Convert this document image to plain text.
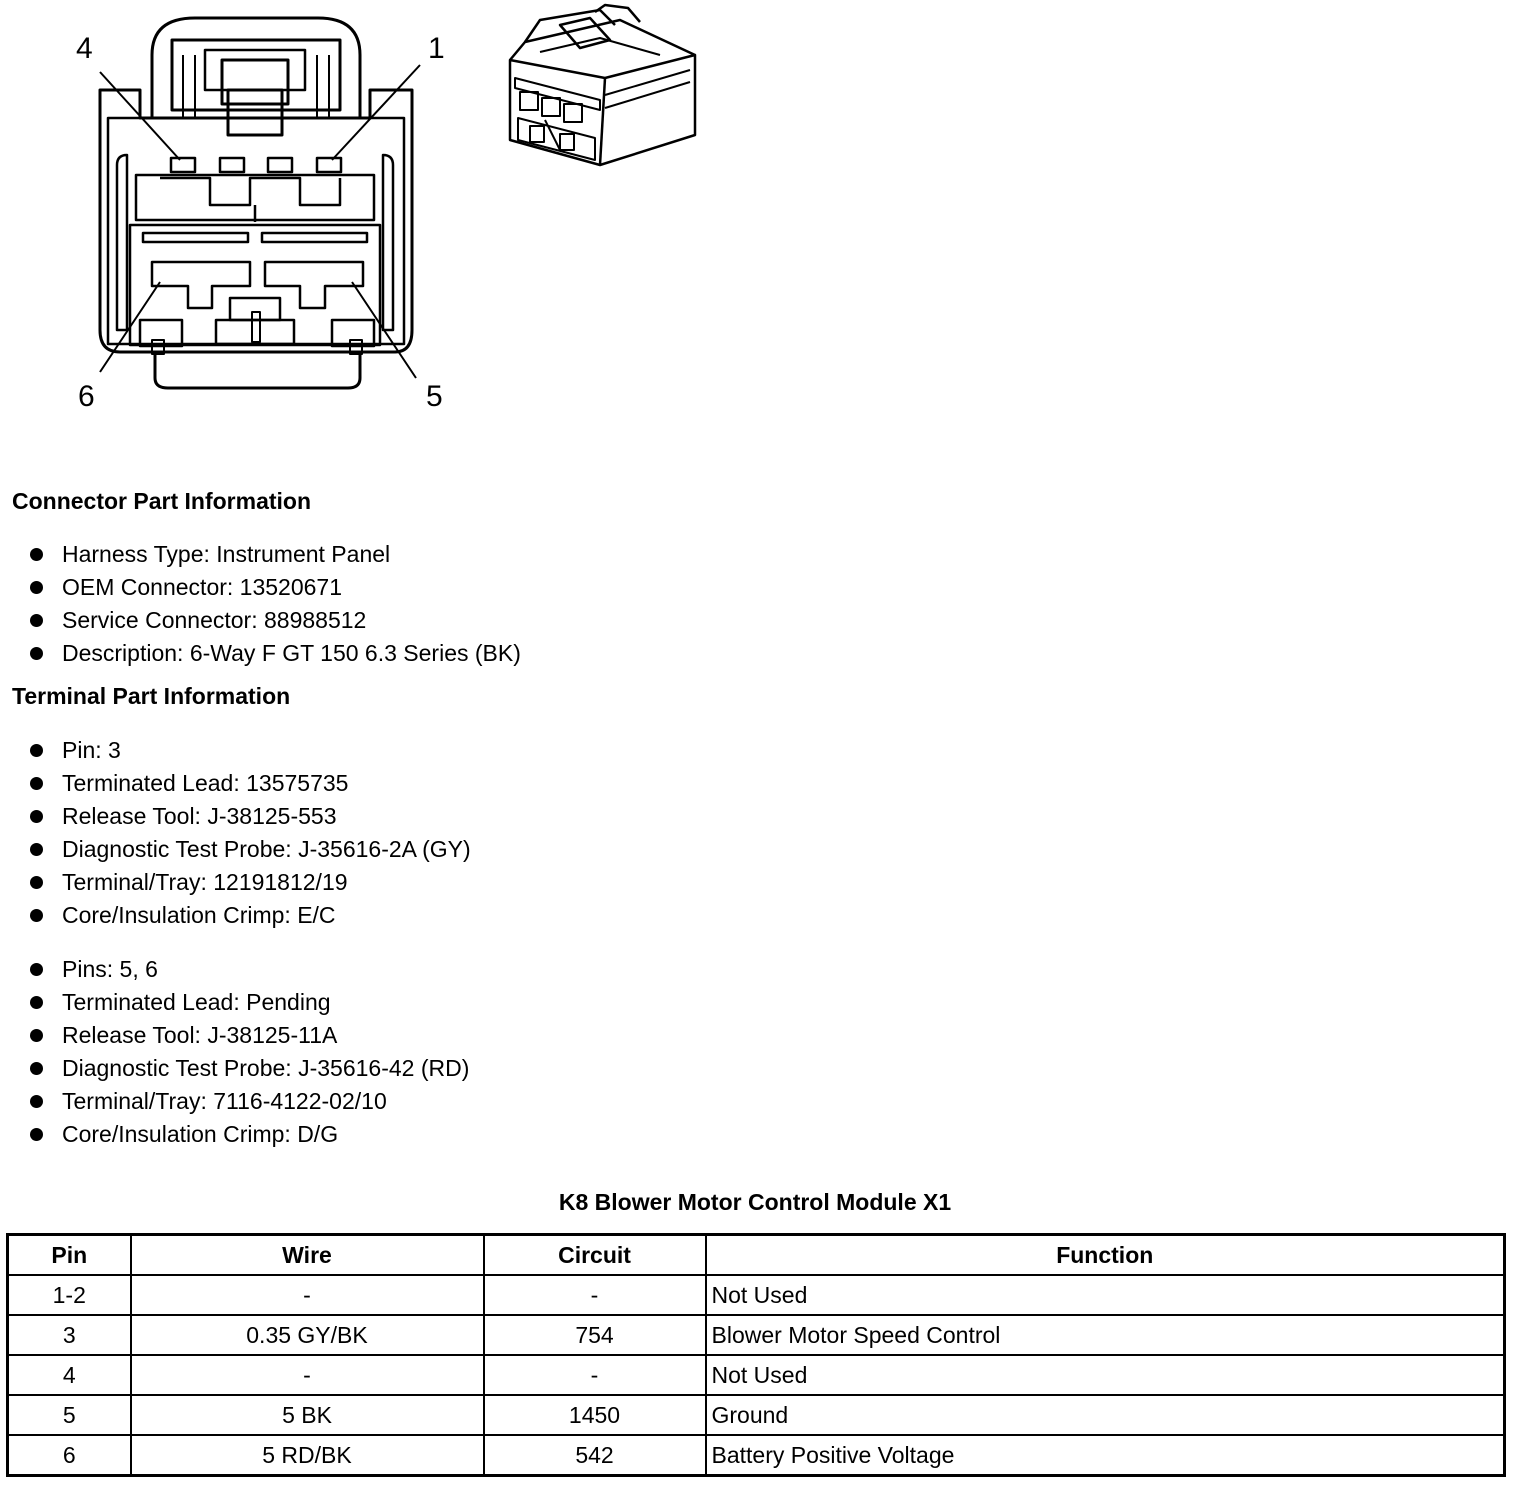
4	1
6	5
Connector Part Information
Harness Type: Instrument Panel
OEM Connector: 13520671
Service Connector: 88988512
Description: 6-Way F GT 150 6.3 Series (BK)
Terminal Part Information
Pin: 3
Terminated Lead: 13575735
Release Tool: J-38125-553
Diagnostic Test Probe: J-35616-2A (GY)
Terminal/Tray: 12191812/19
Core/Insulation Crimp: E/C
Pins: 5, 6
Terminated Lead: Pending
Release Tool: J-38125-11A
Diagnostic Test Probe: J-35616-42 (RD)
Terminal/Tray: 7116-4122-02/10
Core/Insulation Crimp: D/G
K8 Blower Motor Control Module X1
Pin	Wire	Circuit	Function
1-2	-	-	Not Used
3	0.35 GY/BK	754	Blower Motor Speed Control
4	-	-	Not Used
5	5 BK	1450	Ground
6	5 RD/BK	542	Battery Positive Voltage
